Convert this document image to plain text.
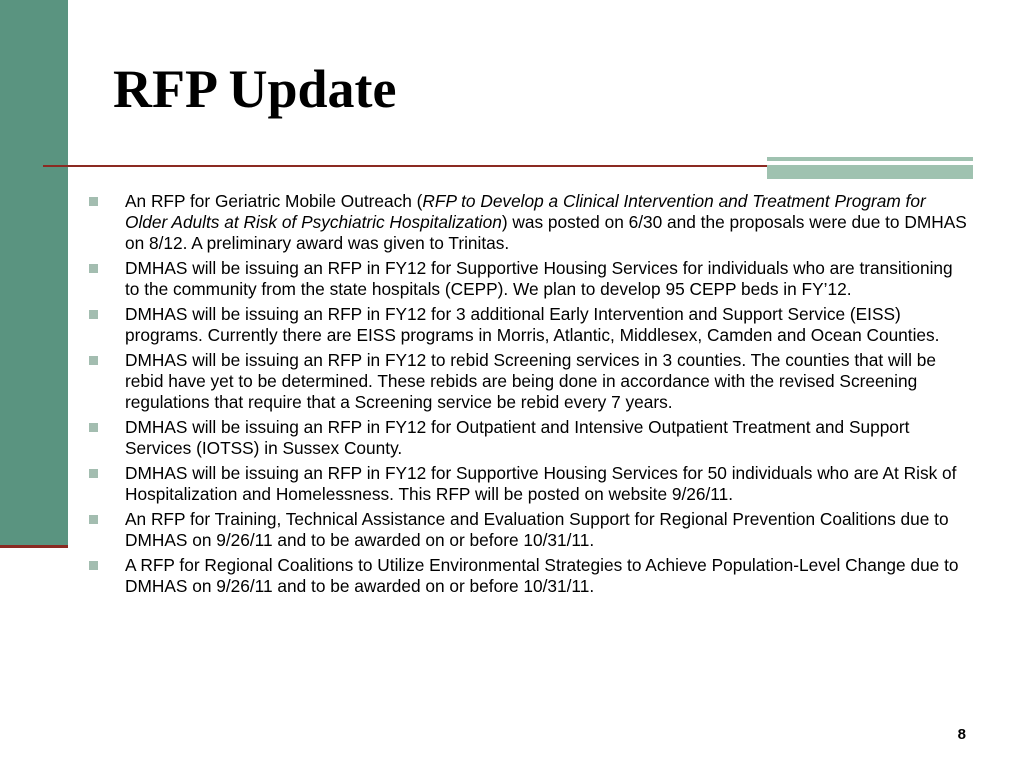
RFP Update
An RFP for Geriatric Mobile Outreach (RFP to Develop a Clinical Intervention and Treatment Program for Older Adults at Risk of Psychiatric Hospitalization) was posted on 6/30 and the proposals were due to DMHAS on 8/12. A preliminary award was given to Trinitas.
DMHAS will be issuing an RFP in FY12 for Supportive Housing Services for individuals who are transitioning to the community from the state hospitals (CEPP). We plan to develop 95 CEPP beds in FY’12.
DMHAS will be issuing an RFP in FY12 for 3 additional Early Intervention and Support Service (EISS) programs. Currently there are EISS programs in Morris, Atlantic, Middlesex, Camden and Ocean Counties.
DMHAS will be issuing an RFP in FY12 to rebid Screening services in 3 counties. The counties that will be rebid have yet to be determined. These rebids are being done in accordance with the revised Screening regulations that require that a Screening service be rebid every 7 years.
DMHAS will be issuing an RFP in FY12 for Outpatient and Intensive Outpatient Treatment and Support Services (IOTSS) in Sussex County.
DMHAS will be issuing an RFP in FY12 for Supportive Housing Services for 50 individuals who are At Risk of Hospitalization and Homelessness. This RFP will be posted on website 9/26/11.
An RFP for Training, Technical Assistance and Evaluation Support for Regional Prevention Coalitions due to DMHAS on 9/26/11 and to be awarded on or before 10/31/11.
A RFP for Regional Coalitions to Utilize Environmental Strategies to Achieve Population-Level Change due to DMHAS on 9/26/11 and to be awarded on or before 10/31/11.
8
